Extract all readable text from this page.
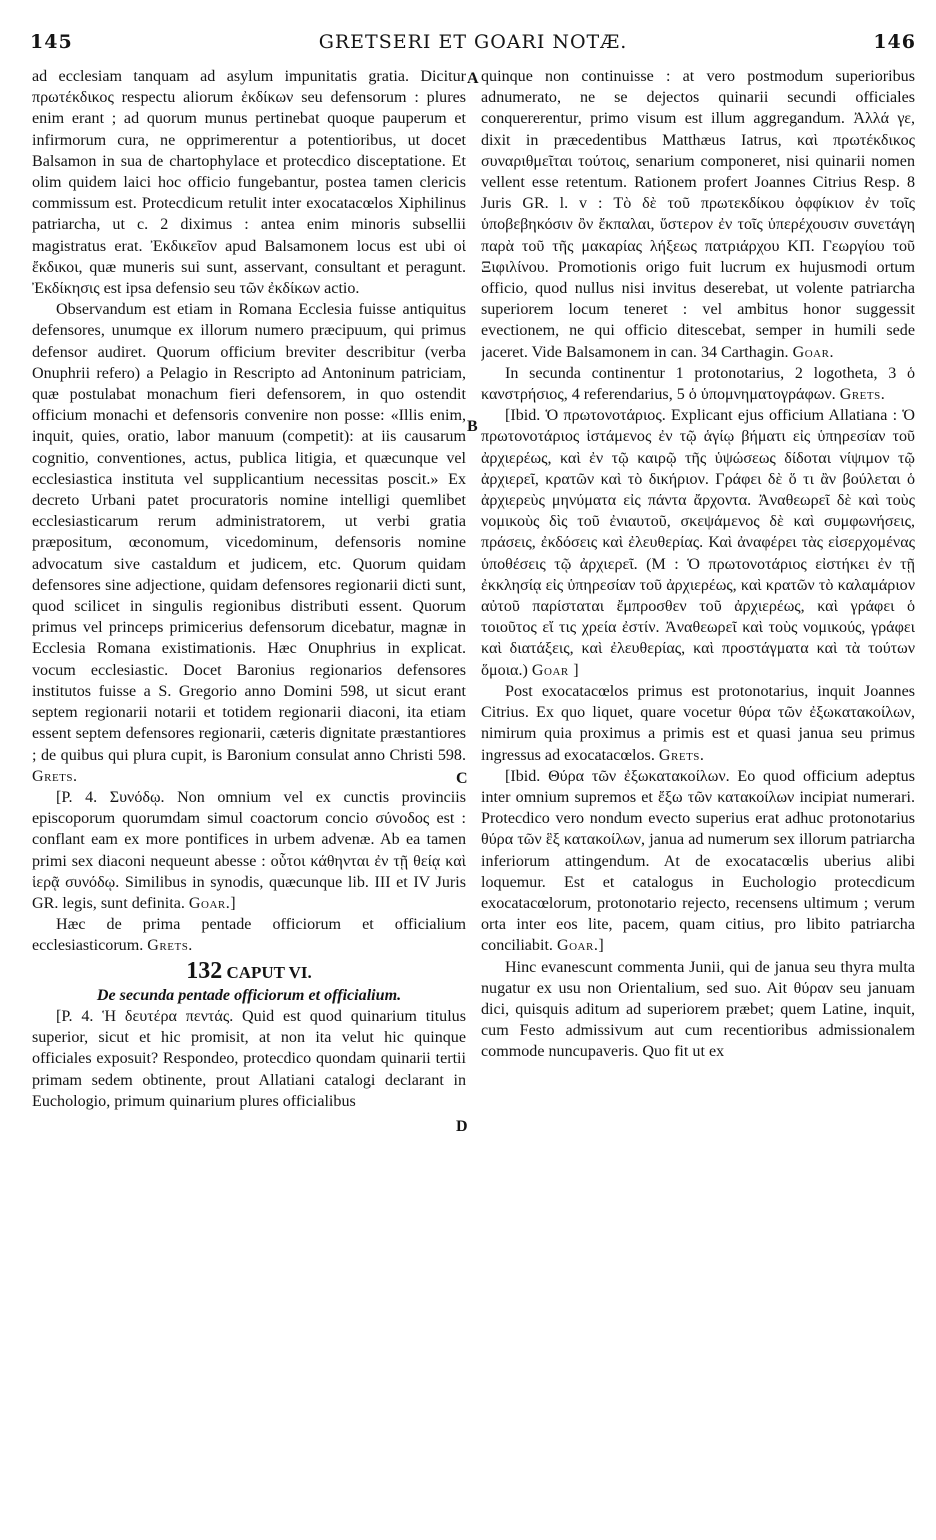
145	GRETSERI ET GOARI NOTÆ.	146
A
B
C
D

ad ecclesiam tanquam ad asylum impunitatis gratia. Dicitur πρωτέκδικος respectu aliorum ἐκδίκων seu defensorum : plures enim erant ; ad quorum munus pertinebat quoque pauperum et infirmorum cura, ne opprimerentur a potentioribus, ut docet Balsamon in sua de chartophylace et protecdico disceptatione. Et olim quidem laici hoc officio fungebantur, postea tamen clericis commissum est. Protecdicum retulit inter exocatacœlos Xiphilinus patriarcha, ut c. 2 diximus : antea enim minoris subsellii magistratus erat. Ἐκδικεῖον apud Balsamonem locus est ubi οἱ ἔκδικοι, quæ muneris sui sunt, asservant, consultant et peragunt. Ἐκδίκησις est ipsa defensio seu τῶν ἐκδίκων actio.

Observandum est etiam in Romana Ecclesia fuisse antiquitus defensores, unumque ex illorum numero præcipuum, qui primus defensor audiret. Quorum officium breviter describitur (verba Onuphrii refero) a Pelagio in Rescripto ad Antoninum patriciam, quæ postulabat monachum fieri defensorem, in quo ostendit officium monachi et defensoris convenire non posse: «Illis enim, inquit, quies, oratio, labor manuum (competit): at iis causarum cognitio, conventiones, actus, publica litigia, et quæcunque vel ecclesiastica instituta vel supplicantium necessitas poscit.» Ex decreto Urbani patet procuratoris nomine intelligi quemlibet ecclesiasticarum rerum administratorem, ut verbi gratia præpositum, œconomum, vicedominum, defensoris nomine advocatum sive castaldum et judicem, etc. Quorum quidam defensores sine adjectione, quidam defensores regionarii dicti sunt, quod scilicet in singulis regionibus distributi essent. Quorum primus vel princeps primicerius defensorum dicebatur, magnæ in Ecclesia Romana existimationis. Hæc Onuphrius in explicat. vocum ecclesiastic. Docet Baronius regionarios defensores institutos fuisse a S. Gregorio anno Domini 598, ut sicut erant septem regionarii notarii et totidem regionarii diaconi, ita etiam essent septem defensores regionarii, cæteris dignitate præstantiores ; de quibus qui plura cupit, is Baronium consulat anno Christi 598. Grets.

[P. 4. Συνόδῳ. Non omnium vel ex cunctis provinciis episcoporum quorumdam simul coactorum concio σύνοδος est : conflant eam ex more pontifices in urbem advenæ. Ab ea tamen primi sex diaconi nequeunt abesse : οὗτοι κάθηνται ἐν τῇ θείᾳ καὶ ἱερᾷ συνόδῳ. Similibus in synodis, quæcunque lib. III et IV Juris GR. legis, sunt definita. Goar.]

Hæc de prima pentade officiorum et officialium ecclesiasticorum. Grets.

132 CAPUT VI.

De secunda pentade officiorum et officialium.

[P. 4. Ἡ δευτέρα πεντάς. Quid est quod quinarium titulus superior, sicut et hic promisit, at non ita velut hic quinque officiales exposuit? Respondeo, protecdico quondam quinarii tertii primam sedem obtinente, prout Allatiani catalogi declarant in Euchologio, primum quinarium plures officialibus

quinque non continuisse : at vero postmodum superioribus adnumerato, ne se dejectos quinarii secundi officiales conquererentur, primo visum est illum aggregandum. Ἀλλά γε, dixit in præcedentibus Matthæus Iatrus, καὶ πρωτέκδικος συναριθμεῖται τούτοις, senarium componeret, nisi quinarii nomen vellent esse retentum. Rationem profert Joannes Citrius Resp. 8 Juris GR. l. v : Τὸ δὲ τοῦ πρωτεκδίκου ὀφφίκιον ἐν τοῖς ὑποβεβηκόσιν ὂν ἔκπαλαι, ὕστερον ἐν τοῖς ὑπερέχουσιν συνετάγη παρὰ τοῦ τῆς μακαρίας λήξεως πατριάρχου ΚΠ. Γεωργίου τοῦ Ξιφιλίνου. Promotionis origo fuit lucrum ex hujusmodi ortum officio, quod nullus nisi invitus deserebat, ut volente patriarcha superiorem locum teneret : vel ambitus honor suggessit evectionem, ne qui officio ditescebat, semper in humili sede jaceret. Vide Balsamonem in can. 34 Carthagin. Goar.

In secunda continentur 1 protonotarius, 2 logotheta, 3 ὁ κανστρήσιος, 4 referendarius, 5 ὁ ὑπομνηματογράφων. Grets.

[Ibid. Ὁ πρωτονοτάριος. Explicant ejus officium Allatiana : Ὁ πρωτονοτάριος ἱστάμενος ἐν τῷ ἁγίῳ βήματι εἰς ὑπηρεσίαν τοῦ ἀρχιερέως, καὶ ἐν τῷ καιρῷ τῆς ὑψώσεως δίδοται νίψιμον τῷ ἀρχιερεῖ, κρατῶν καὶ τὸ δικήριον. Γράφει δὲ ὅ τι ἂν βούλεται ὁ ἀρχιερεὺς μηνύματα εἰς πάντα ἄρχοντα. Ἀναθεωρεῖ δὲ καὶ τοὺς νομικοὺς δὶς τοῦ ἐνιαυτοῦ, σκεψάμενος δὲ καὶ συμφωνήσεις, πράσεις, ἐκδόσεις καὶ ἐλευθερίας. Καὶ ἀναφέρει τὰς εἰσερχομένας ὑποθέσεις τῷ ἀρχιερεῖ. (M : Ὁ πρωτονοτάριος εἰστήκει ἐν τῇ ἐκκλησίᾳ εἰς ὑπηρεσίαν τοῦ ἀρχιερέως, καὶ κρατῶν τὸ καλαμάριον αὐτοῦ παρίσταται ἔμπροσθεν τοῦ ἀρχιερέως, καὶ γράφει ὁ τοιοῦτος εἴ τις χρεία ἐστίν. Ἀναθεωρεῖ καὶ τοὺς νομικούς, γράφει καὶ διατάξεις, καὶ ἐλευθερίας, καὶ προστάγματα καὶ τὰ τούτων ὅμοια.) Goar ]

Post exocatacœlos primus est protonotarius, inquit Joannes Citrius. Ex quo liquet, quare vocetur θύρα τῶν ἐξωκατακοίλων, nimirum quia proximus a primis est et quasi janua seu primus ingressus ad exocatacœlos. Grets.

[Ibid. Θύρα τῶν ἐξωκατακοίλων. Eo quod officium adeptus inter omnium supremos et ἔξω τῶν κατακοίλων incipiat numerari. Protecdico vero nondum evecto superius erat adhuc protonotarius θύρα τῶν ἓξ κατακοίλων, janua ad numerum sex illorum patriarcha inferiorum attingendum. At de exocatacœlis uberius alibi loquemur. Est et catalogus in Euchologio protecdicum exocatacœlorum, protonotario rejecto, recensens ultimum ; verum orta inter eos lite, pacem, quam citius, pro libito patriarcha conciliabit. Goar.]

Hinc evanescunt commenta Junii, qui de janua seu thyra multa nugatur ex usu non Orientalium, sed suo. Ait θύραν seu januam dici, quisquis aditum ad superiorem præbet; quem Latine, inquit, cum Festo admissivum aut cum recentioribus admissionalem commode nuncupaveris. Quo fit ut ex
